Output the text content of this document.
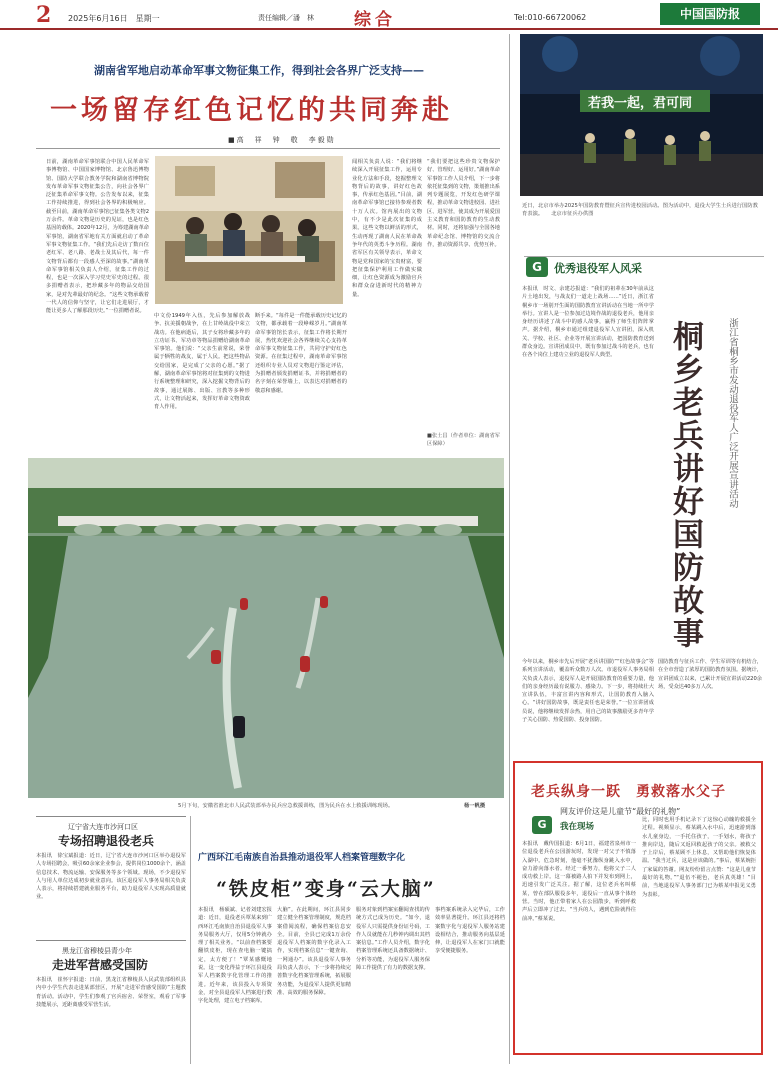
2 2025年6月16日　星期一	责任编辑／潘　林 综合	Tel:010-66720062	中国国防报
湖南省军地启动革命军事文物征集工作，得到社会各界广泛支持——
一场留存红色记忆的共同奔赴
■高　祥　钟　敬　李毅勋
日前，湖南革命军事馆联合中国人民革命军事博物馆、中国国家博物馆、北京鲁迅博物馆、国防大学联合教务学院和湖南省博物院发布革命军事文物征集公告，向社会各界广泛征集革命军事文物。公告发布以来，征集工作持续推进，得到社会各界的积极响应。截至目前，湖南革命军事馆已征集各类文物2万余件。革命文物是历史的见证，也是红色基因的载体。2020年12月，为筹建湖南革命军事馆，湖南省军地有关方面就启动了革命军事文物征集工作。“我们先后走访了数百位老红军、老八路、老战士及其后代，每一件文物背后都有一段感人至深的故事。”湖南革命军事馆相关负责人介绍，征集工作的过程，也是一次深入学习党史军史的过程。很多捐赠者表示，把珍藏多年的物品交给国家，是对先辈最好的纪念。“这些文物承载着一代人的信仰与坚守，让它们走进展厅，才能让更多人了解那段历史。”一位捐赠者说。
中文份1949年入伍，先后参加解放战争、抗美援朝战争，在上甘岭战役中荣立战功。在他病逝后，其子女将珍藏多年的立功证书、军功章等物品捐赠给湖南革命军事馆。他们说：“父亲生前常说，荣誉属于牺牲的战友，属于人民。把这些物品交给国家，是完成了父亲的心愿。”据了解，湖南革命军事馆将对征集到的文物进行系统整理和研究，深入挖掘文物背后的故事，通过展陈、出版、宣教等多种形式，让文物活起来，发挥好革命文物资政育人作用。
断手来。“每件是一件能承载历史记忆的文物，都承载着一段峥嵘岁月。”湖南革命军事馆馆长表示，征集工作将长期开展，热忱欢迎社会各界继续关心支持革命军事文物征集工作，共同守护好红色资源。在征集过程中，湖南革命军事馆还组织专业人员对文物进行鉴定评估，为捐赠者颁发捐赠证书，并将捐赠者的名字刻在荣誉墙上，以表达对捐赠者的敬意和感谢。
闻相关负责人说：“我们将继续深入开展征集工作，运用专业化方法和手段，挖掘整理文物背后的故事，讲好红色故事，传承红色基因。”目前，湖南革命军事馆已接待参观者数十万人次。馆内展出的文物中，有不少是此次征集的成果。这些文物以鲜活的形式，生动再现了湖南人民在革命战争年代的英勇斗争历程。湖南省军区有关领导表示，革命文物是党和国家的宝贵财富，要把征集保护利用工作做实做细，让红色资源成为激励官兵和群众奋进新时代的精神力量。
“我们要把这些珍贵文物保护好、管理好、运用好。”湖南革命军事馆工作人员介绍，下一步将依托征集到的文物，策划推出系列专题展览，开发红色研学课程，推动革命文物进校园、进社区、进军营，使其成为开展爱国主义教育和国防教育的生动教材。同时，还将加强与全国各地革命纪念馆、博物馆的交流合作，推动资源共享、优势互补。
■张土昌（作者单位：湖南省军区保障）
若我一起，君可同
近日，北京市举办2025年国防教育暨征兵宣传进校园活动。图为活动中，退役大学生士兵进行国防教育表演。　　北京市征兵办供图
G	优秀退役军人风采
本报讯　时文、余建芯报道：“我们的祖辈在30年前从这片土地出发，与战友们一道走上战场……”近日，浙江省桐乡市一场别开生面的国防教育宣讲活动在当地一所中学举行。宣讲人是一位参加过边境作战的退役老兵，他用亲身经历讲述了战斗中的感人故事，赢得了师生们阵阵掌声。据介绍，桐乡市通过组建退役军人宣讲团，深入机关、学校、社区、企业等开展宣讲活动，把国防教育送到群众身边。宣讲团成员中，既有参加过战斗的老兵，也有在各个岗位上建功立业的退役军人典型。	桐乡老兵讲好国防故事	浙江省桐乡市发动退役军人广泛开展宣讲活动
今年以来，桐乡市先后开展“老兵讲国防”“红色故事会”等系列宣讲活动，覆盖听众数万人次。市退役军人事务局相关负责人表示，退役军人是开展国防教育的重要力量，他们的亲身经历最有说服力、感染力。下一步，将持续壮大宣讲队伍，丰富宣讲内容和形式，让国防教育入脑入心。“讲好国防故事，既是责任也是荣誉。”一位宣讲团成员说，他将继续发挥余热，用自己的故事激励更多青年学子关心国防、热爱国防、投身国防。
国防教育与征兵工作、学生军训等有机结合，在全市营造了浓厚的国防教育氛围。据统计，宣讲团成立以来，已累计开展宣讲活动220余场，受众达40多万人次。
5月下旬，安徽省淮北市人民武装部举办民兵应急救援训练，图为民兵在水上救援训练现场。	杨一帆摄
辽宁省大连市沙河口区
专场招聘退役老兵
本报讯　徐宝斌报道：近日，辽宁省大连市沙河口区举办退役军人专场招聘会，吸引60余家企业参会，提供岗位1000余个，涵盖信息技术、物流运输、安保服务等多个领域。现场，不少退役军人与用人单位达成初步就业意向。该区退役军人事务局相关负责人表示，将持续搭建就业服务平台，助力退役军人实现高质量就业。
黑龙江省穆棱县青少年
走进军营感受国防
本报讯　崔怀宇报道：日前，黑龙江省穆棱县人民武装部组织县内中小学生代表走进某部营区，开展“走进军营感受国防”主题教育活动。活动中，学生们参观了官兵宿舍、荣誉室，观看了军事技能展示，近距离感受军营生活。
广西环江毛南族自治县推动退役军人档案管理数字化
“铁皮柜”变身“云大脑”
本报讯　杨硕斌、记者刘建宏报道：近日，退役老兵覃某来到广西环江毛南族自治县退役军人事务局服务大厅，仅用5分钟就办理了相关业务。“以前查档案要翻铁皮柜，现在查电脑一键搞定，太方便了！”覃某感慨地说。这一变化得益于环江县退役军人档案数字化管理工作的推进。近年来，该县投入专项资金，对全县退役军人档案进行数字化处理，建立电子档案库。
大脑”。在此期间，环江县同步建立健全档案管理制度，规范档案借阅流程，确保档案信息安全。目前，全县已完成1万余份退役军人档案的数字化录入工作，实现档案信息“一键查询、一网通办”。该县退役军人事务局负责人表示，下一步将持续完善数字化档案管理系统，拓展服务功能，为退役军人提供更加精准、高效的服务保障。
服务对象到档案室翻阅查找的传统方式已成为历史。“如今，退役军人只需提供身份证号码，工作人员就能在几秒钟内调出其档案信息。”工作人员介绍，数字化档案管理系统还具备数据统计、分析等功能，为退役军人服务保障工作提供了有力的数据支撑。
事档案系统录入完毕后，工作效率显著提升。环江县还将档案数字化与退役军人服务站建设相结合，推动服务向基层延伸，让退役军人在家门口就能享受便捷服务。
老兵纵身一跃　勇救落水父子
网友评价这是儿童节“最好的礼物”
G	我在现场
本报讯　戴传国报道：6月1日，福建省泉州市一位退役老兵在公园游玩时，发现一对父子不慎落入湖中。危急时刻，他毫不犹豫纵身跳入水中，奋力游向落水者。经过一番努力，他将父子二人成功救上岸。这一幕被路人拍下并发布到网上，迅速引发广泛关注。据了解，这位老兵名叫蔡某，曾在部队服役多年，退役后一直从事个体经营。当时，他正带着家人在公园散步，听到呼救声后立即冲了过去。“当兵的人，遇到危险就得往前冲。”蔡某说。
比，同时也用手机记录下了这惊心动魄的救援全过程。视频显示，蔡某跳入水中后，迅速游到落水儿童身边，一手托住孩子，一手划水，将孩子推向岸边，随后又返回救起孩子的父亲。被救父子上岸后，蔡某顾不上休息，又帮助他们恢复体温。“我当过兵，这是应该做的。”事后，蔡某婉拒了家属的答谢。网友纷纷留言点赞：“这是儿童节最好的礼物。”“退伍不褪色，老兵真英雄！”目前，当地退役军人事务部门已为蔡某申报见义勇为表彰。
